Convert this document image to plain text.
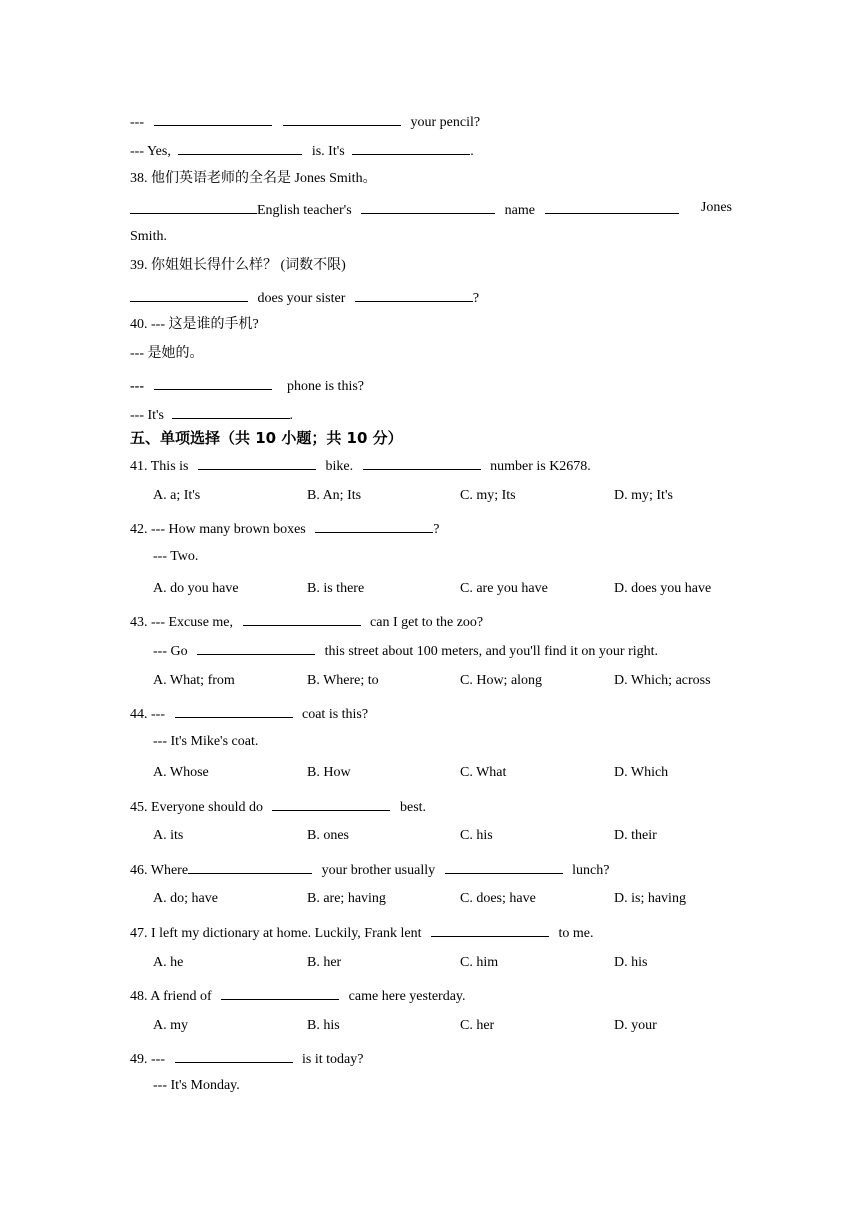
---	your pencil?
--- Yes,	is. It's	.
38. 他们英语老师的全名是 Jones Smith。
English teacher's	name	Jones
Smith.
39. 你姐姐长得什么样？ (词数不限)
does your sister	?
40. --- 这是谁的手机?
--- 是她的。
---	phone is this?
--- It's	.
五、单项选择（共 10 小题；共 10 分）
41. This is	bike.	number is K2678.
A. a; It's	B. An; Its	C. my; Its	D. my; It's
42. --- How many brown boxes	?
--- Two.
A. do you have	B. is there	C. are you have	D. does you have
43. --- Excuse me,	can I get to the zoo?
--- Go	this street about 100 meters, and you'll find it on your right.
A. What; from	B. Where; to	C. How; along	D. Which; across
44. ---	coat is this?
--- It's Mike's coat.
A. Whose	B. How	C. What	D. Which
45. Everyone should do	best.
A. its	B. ones	C. his	D. their
46. Where	your brother usually	lunch?
A. do; have	B. are; having	C. does; have	D. is; having
47. I left my dictionary at home. Luckily, Frank lent	to me.
A. he	B. her	C. him	D. his
48. A friend of	came here yesterday.
A. my	B. his	C. her	D. your
49. ---	is it today?
--- It's Monday.
